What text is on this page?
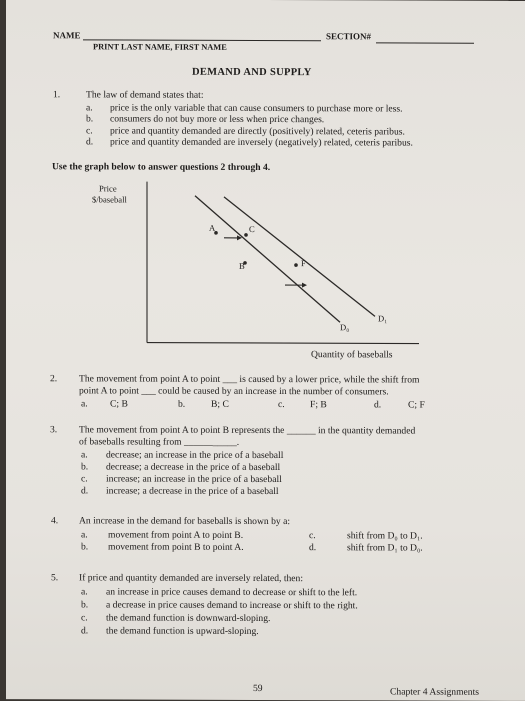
NAME	SECTION#
PRINT LAST NAME, FIRST NAME
DEMAND AND SUPPLY
1.	The law of demand states that:
a. price is the only variable that can cause consumers to purchase more or less.
b. consumers do not buy more or less when price changes.
c. price and quantity demanded are directly (positively) related, ceteris paribus.
d. price and quantity demanded are inversely (negatively) related, ceteris paribus.
Use the graph below to answer questions 2 through 4.
Price
$/baseball
A	C
B	F
D₁
D₀
Quantity of baseballs
2. The movement from point A to point ___ is caused by a lower price, while the shift from
point A to point ___ could be caused by an increase in the number of consumers.
a. C; B	b.	B; C	c.	F; B	d.	C; F
3. The movement from point A to point B represents the ______ in the quantity demanded
of baseballs resulting from ___________.
a. decrease; an increase in the price of a baseball
b. decrease; a decrease in the price of a baseball
c. increase; an increase in the price of a baseball
d. increase; a decrease in the price of a baseball
4. An increase in the demand for baseballs is shown by a:
a. movement from point A to point B.
b. movement from point B to point A.
c.	shift from D₀ to D₁.
d.	shift from D₁ to D₀.
5. If price and quantity demanded are inversely related, then:
a. an increase in price causes demand to decrease or shift to the left.
b. a decrease in price causes demand to increase or shift to the right.
c. the demand function is downward-sloping.
d. the demand function is upward-sloping.
59	Chapter 4 Assignments
